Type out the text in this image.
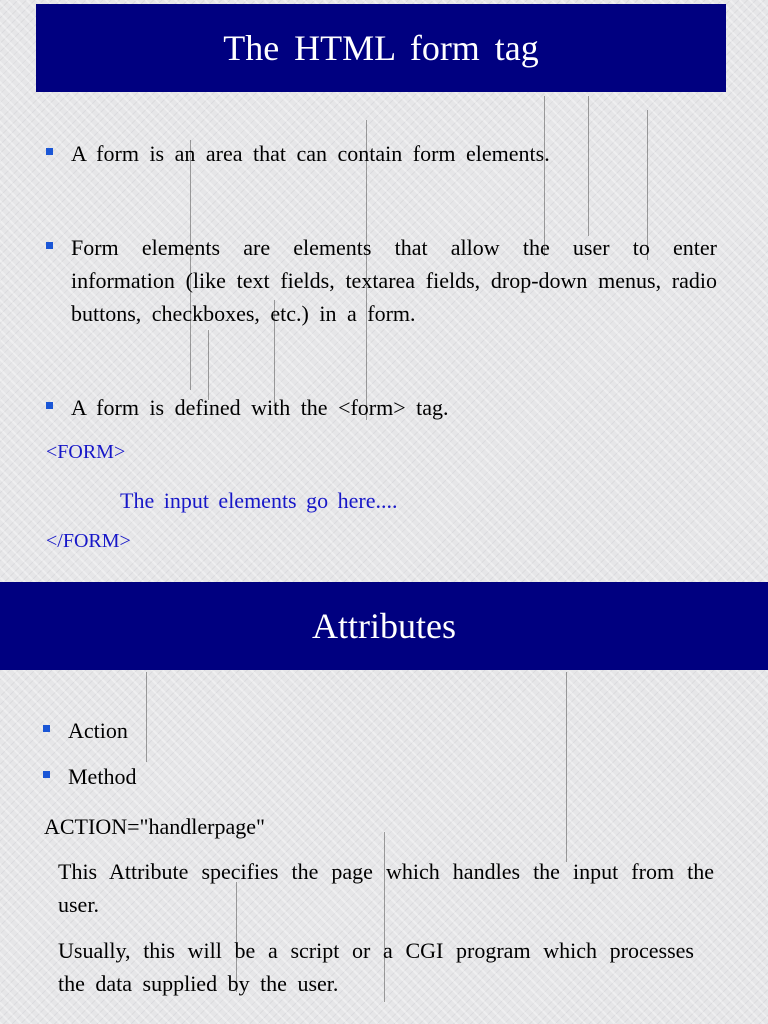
The HTML form tag
A form is an area that can contain form elements.
Form elements are elements that allow the user to enter information (like text fields, textarea fields, drop-down menus, radio buttons, checkboxes, etc.) in a form.
A form is defined with the <form> tag.
<FORM>
The input elements go here....
</FORM>
Attributes
Action
Method
ACTION="handlerpage"
This Attribute specifies the page which handles the input from the user.
Usually, this will be a script or a CGI program which processes the data supplied by the user.
